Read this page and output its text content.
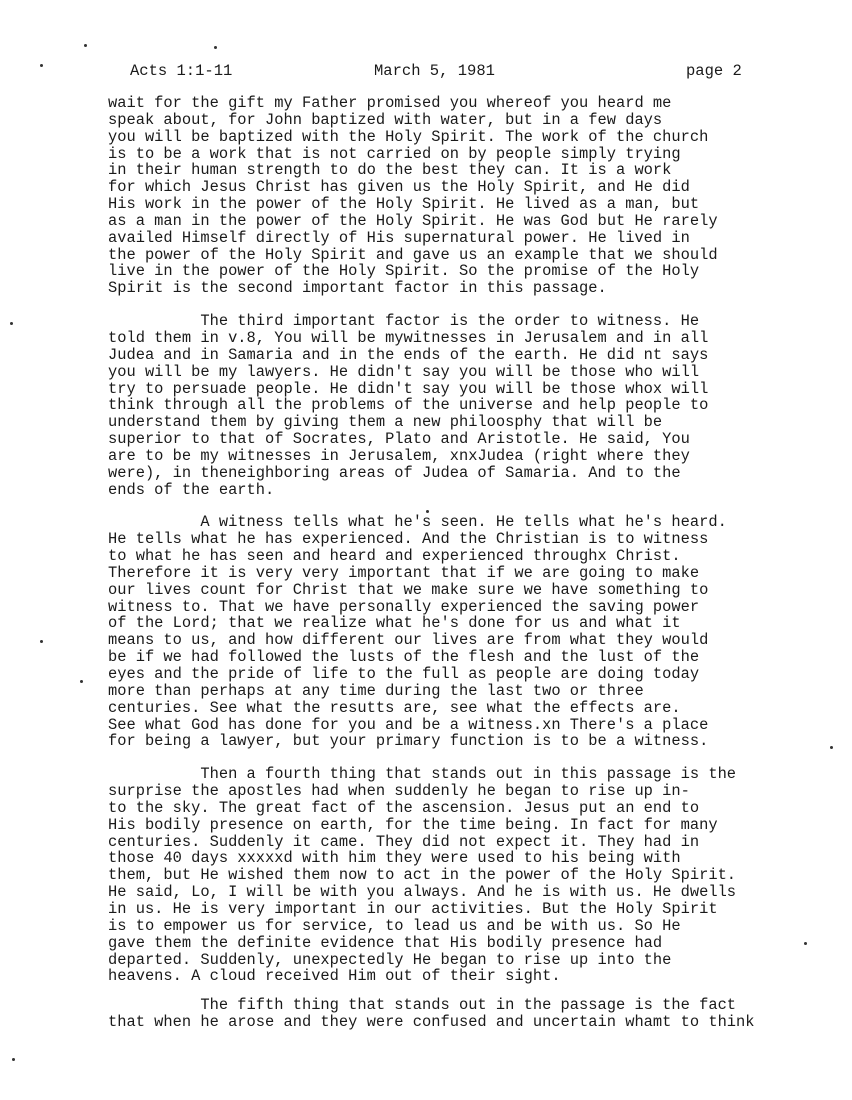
Acts 1:1-11	March 5, 1981	page 2
wait for the gift my Father promised you whereof you heard me
speak about, for John baptized with water, but in a few days
you will be baptized with the Holy Spirit. The work of the church
is to be a work that is not carried on by people simply trying
in their human strength to do the best they can. It is a work
for which Jesus Christ has given us the Holy Spirit, and He did
His work in the power of the Holy Spirit. He lived as a man, but
as a man in the power of the Holy Spirit. He was God but He rarely
availed Himself directly of His supernatural power. He lived in
the power of the Holy Spirit and gave us an example that we should
live in the power of the Holy Spirit. So the promise of the Holy
Spirit is the second important factor in this passage.
The third important factor is the order to witness. He
told them in v.8, You will be mywitnesses in Jerusalem and in all
Judea and in Samaria and in the ends of the earth. He did nt says
you will be my lawyers. He didn't say you will be those who will
try to persuade people. He didn't say you will be those whox will
think through all the problems of the universe and help people to
understand them by giving them a new philoosphy that will be
superior to that of Socrates, Plato and Aristotle. He said, You
are to be my witnesses in Jerusalem, xnxJudea (right where they
were), in theneighboring areas of Judea of Samaria. And to the
ends of the earth.
A witness tells what he's seen. He tells what he's heard.
He tells what he has experienced. And the Christian is to witness
to what he has seen and heard and experienced throughx Christ.
Therefore it is very very important that if we are going to make
our lives count for Christ that we make sure we have something to
witness to. That we have personally experienced the saving power
of the Lord; that we realize what he's done for us and what it
means to us, and how different our lives are from what they would
be if we had followed the lusts of the flesh and the lust of the
eyes and the pride of life to the full as people are doing today
more than perhaps at any time during the last two or three
centuries. See what the resutts are, see what the effects are.
See what God has done for you and be a witness.xn There's a place
for being a lawyer, but your primary function is to be a witness.
Then a fourth thing that stands out in this passage is the
surprise the apostles had when suddenly he began to rise up in-
to the sky. The great fact of the ascension. Jesus put an end to
His bodily presence on earth, for the time being. In fact for many
centuries. Suddenly it came. They did not expect it. They had in
those 40 days xxxxxd with him they were used to his being with
them, but He wished them now to act in the power of the Holy Spirit.
He said, Lo, I will be with you always. And he is with us. He dwells
in us. He is very important in our activities. But the Holy Spirit
is to empower us for service, to lead us and be with us. So He
gave them the definite evidence that His bodily presence had
departed. Suddenly, unexpectedly He began to rise up into the
heavens. A cloud received Him out of their sight.
The fifth thing that stands out in the passage is the fact
that when he arose and they were confused and uncertain whamt to think
